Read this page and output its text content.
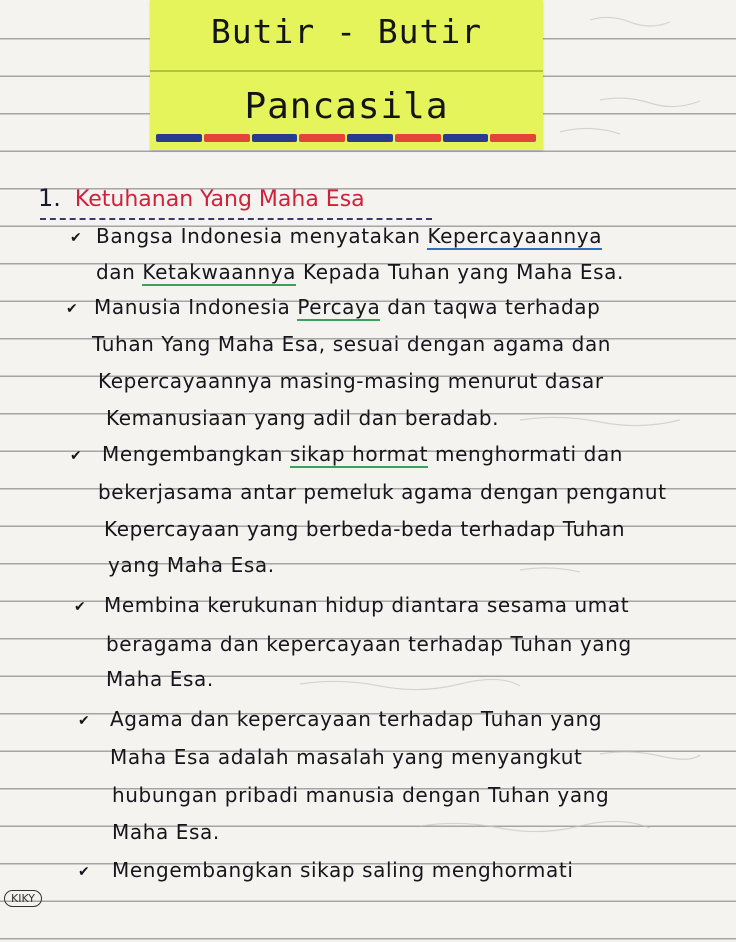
Butir - Butir
Pancasila
1. Ketuhanan Yang Maha Esa
✔ Bangsa Indonesia menyatakan Kepercayaannya
dan Ketakwaannya Kepada Tuhan yang Maha Esa.
✔ Manusia Indonesia Percaya dan taqwa terhadap
Tuhan Yang Maha Esa, sesuai dengan agama dan
Kepercayaannya masing-masing menurut dasar
Kemanusiaan yang adil dan beradab.
✔ Mengembangkan sikap hormat menghormati dan
bekerjasama antar pemeluk agama dengan penganut
Kepercayaan yang berbeda-beda terhadap Tuhan
yang Maha Esa.
✔ Membina kerukunan hidup diantara sesama umat
beragama dan kepercayaan terhadap Tuhan yang
Maha Esa.
✔ Agama dan kepercayaan terhadap Tuhan yang
Maha Esa adalah masalah yang menyangkut
hubungan pribadi manusia dengan Tuhan yang
Maha Esa.
✔ Mengembangkan sikap saling menghormati
KIKY
